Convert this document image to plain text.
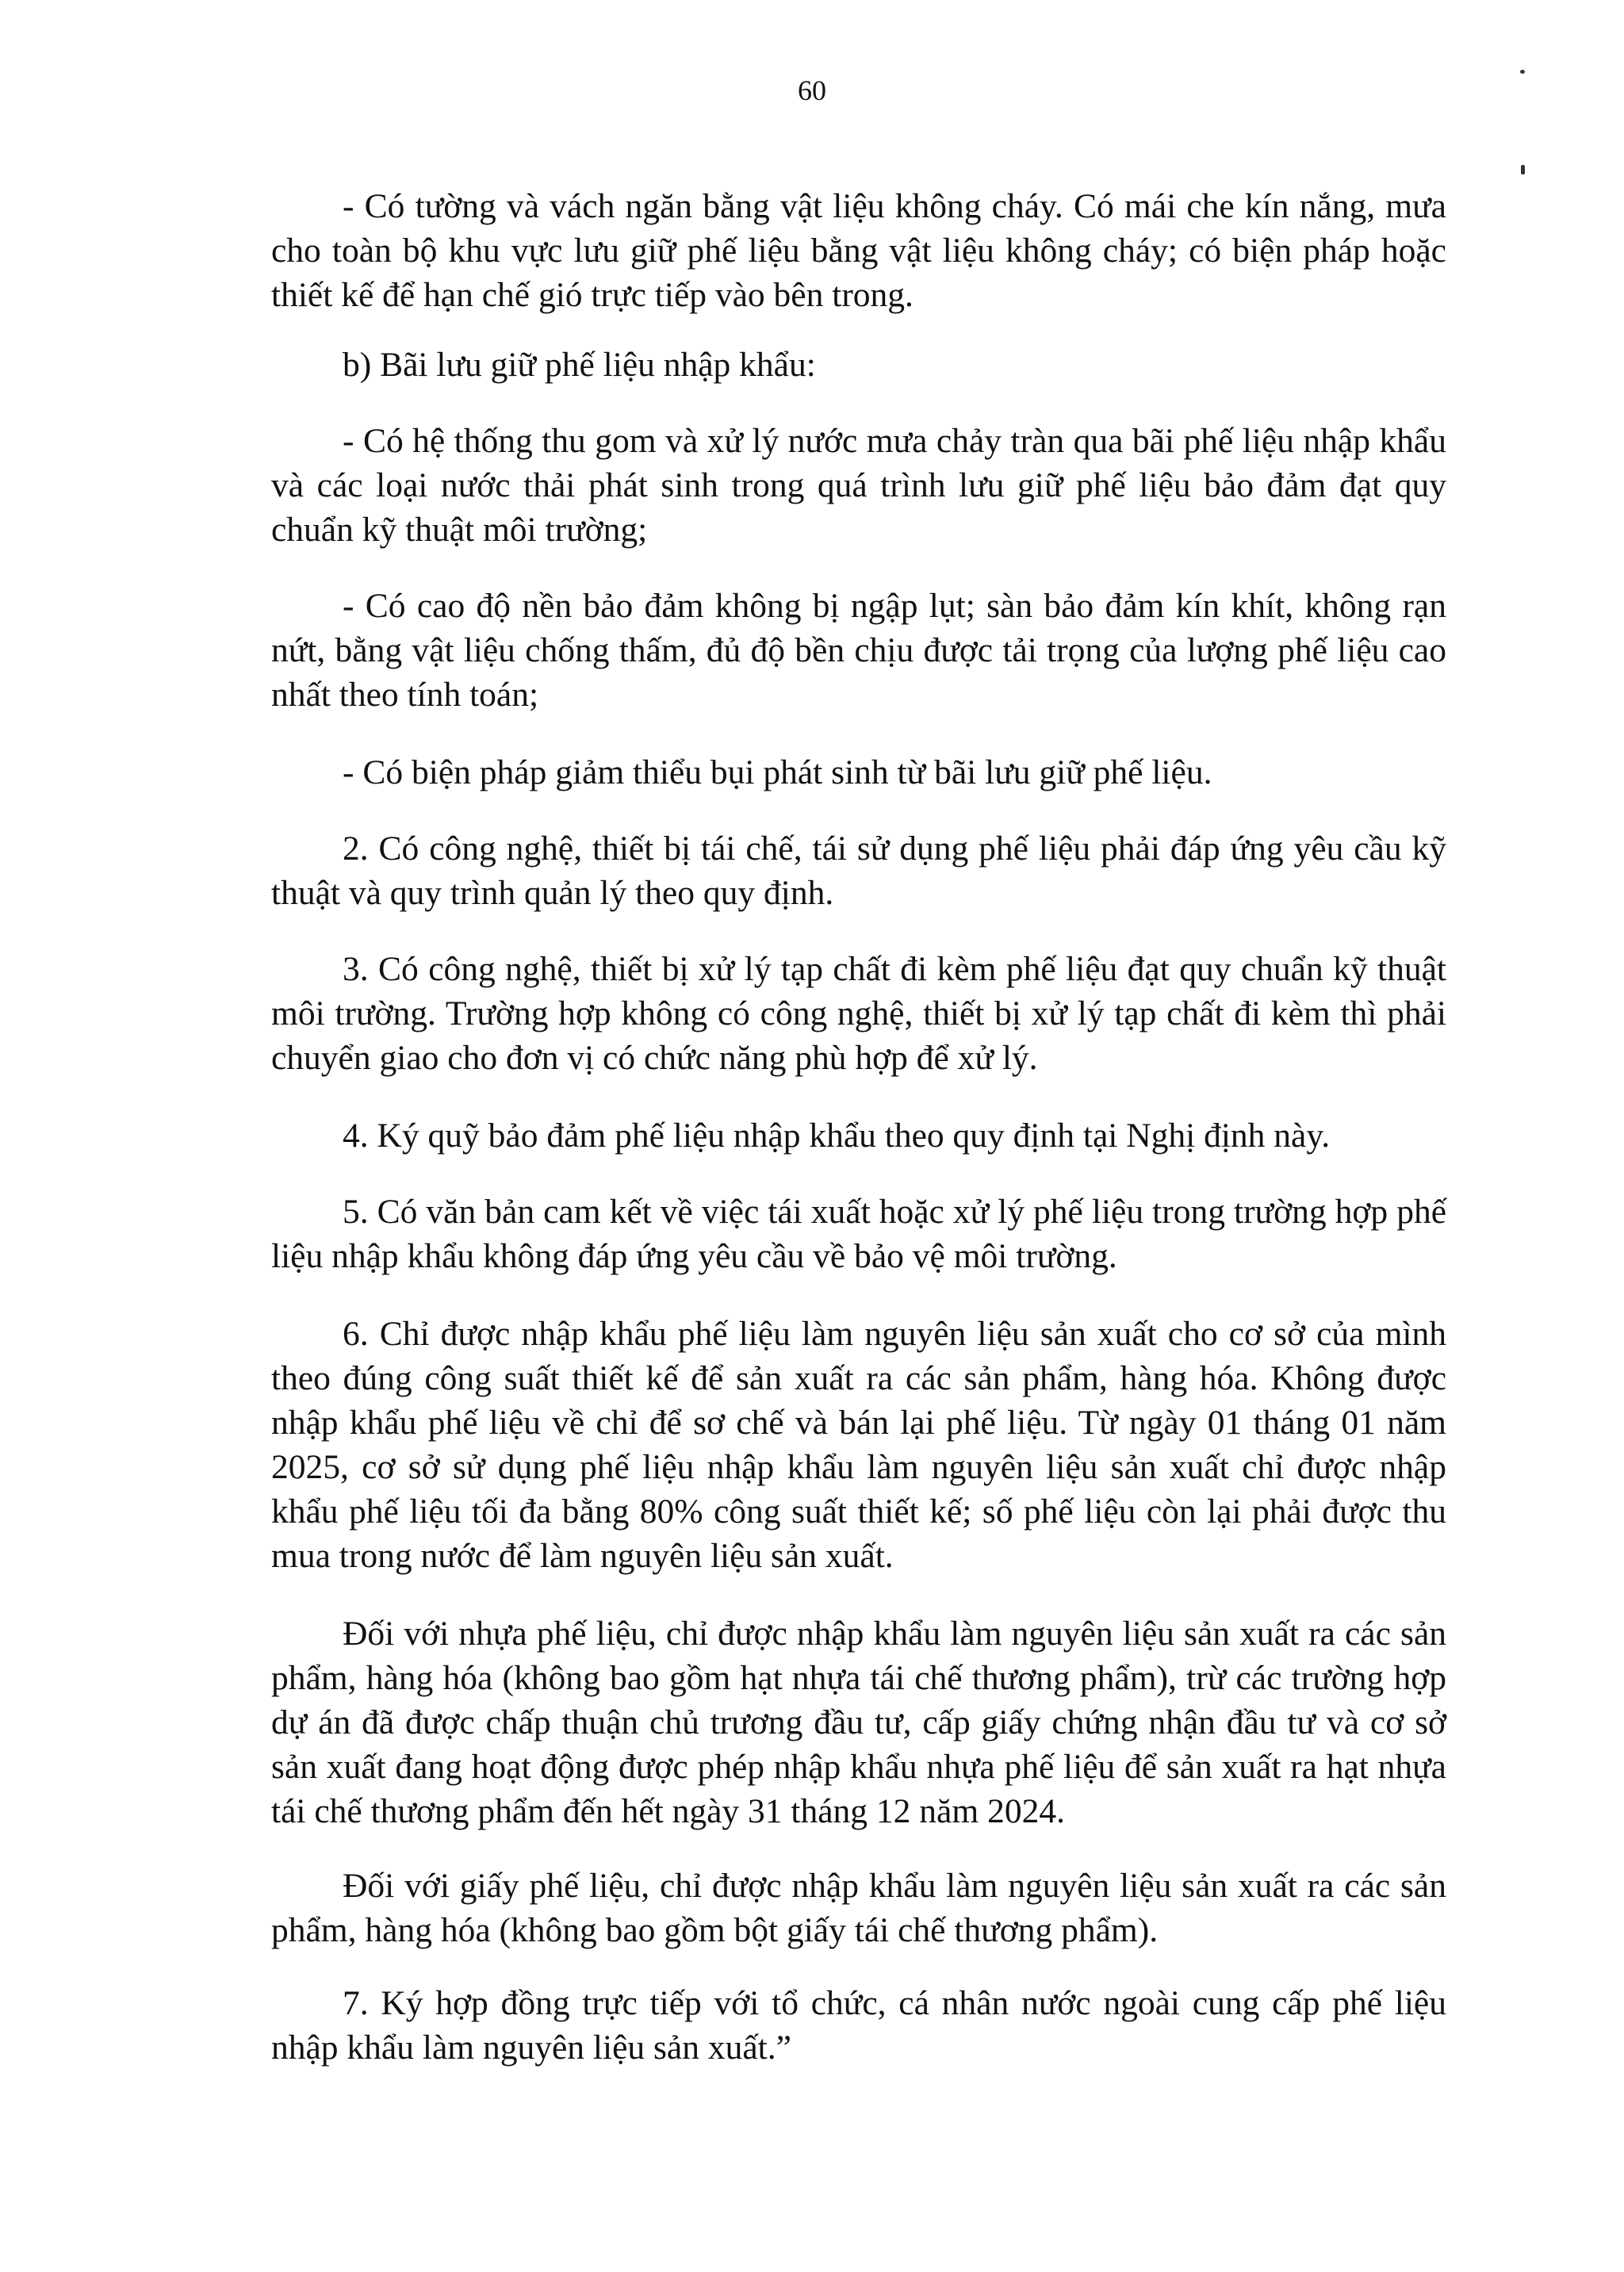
60

- Có tường và vách ngăn bằng vật liệu không cháy. Có mái che kín nắng, mưa cho toàn bộ khu vực lưu giữ phế liệu bằng vật liệu không cháy; có biện pháp hoặc thiết kế để hạn chế gió trực tiếp vào bên trong.

b) Bãi lưu giữ phế liệu nhập khẩu:

- Có hệ thống thu gom và xử lý nước mưa chảy tràn qua bãi phế liệu nhập khẩu và các loại nước thải phát sinh trong quá trình lưu giữ phế liệu bảo đảm đạt quy chuẩn kỹ thuật môi trường;

- Có cao độ nền bảo đảm không bị ngập lụt; sàn bảo đảm kín khít, không rạn nứt, bằng vật liệu chống thấm, đủ độ bền chịu được tải trọng của lượng phế liệu cao nhất theo tính toán;

- Có biện pháp giảm thiểu bụi phát sinh từ bãi lưu giữ phế liệu.

2. Có công nghệ, thiết bị tái chế, tái sử dụng phế liệu phải đáp ứng yêu cầu kỹ thuật và quy trình quản lý theo quy định.

3. Có công nghệ, thiết bị xử lý tạp chất đi kèm phế liệu đạt quy chuẩn kỹ thuật môi trường. Trường hợp không có công nghệ, thiết bị xử lý tạp chất đi kèm thì phải chuyển giao cho đơn vị có chức năng phù hợp để xử lý.

4. Ký quỹ bảo đảm phế liệu nhập khẩu theo quy định tại Nghị định này.

5. Có văn bản cam kết về việc tái xuất hoặc xử lý phế liệu trong trường hợp phế liệu nhập khẩu không đáp ứng yêu cầu về bảo vệ môi trường.

6. Chỉ được nhập khẩu phế liệu làm nguyên liệu sản xuất cho cơ sở của mình theo đúng công suất thiết kế để sản xuất ra các sản phẩm, hàng hóa. Không được nhập khẩu phế liệu về chỉ để sơ chế và bán lại phế liệu. Từ ngày 01 tháng 01 năm 2025, cơ sở sử dụng phế liệu nhập khẩu làm nguyên liệu sản xuất chỉ được nhập khẩu phế liệu tối đa bằng 80% công suất thiết kế; số phế liệu còn lại phải được thu mua trong nước để làm nguyên liệu sản xuất.

Đối với nhựa phế liệu, chỉ được nhập khẩu làm nguyên liệu sản xuất ra các sản phẩm, hàng hóa (không bao gồm hạt nhựa tái chế thương phẩm), trừ các trường hợp dự án đã được chấp thuận chủ trương đầu tư, cấp giấy chứng nhận đầu tư và cơ sở sản xuất đang hoạt động được phép nhập khẩu nhựa phế liệu để sản xuất ra hạt nhựa tái chế thương phẩm đến hết ngày 31 tháng 12 năm 2024.

Đối với giấy phế liệu, chỉ được nhập khẩu làm nguyên liệu sản xuất ra các sản phẩm, hàng hóa (không bao gồm bột giấy tái chế thương phẩm).

7. Ký hợp đồng trực tiếp với tổ chức, cá nhân nước ngoài cung cấp phế liệu nhập khẩu làm nguyên liệu sản xuất.”
